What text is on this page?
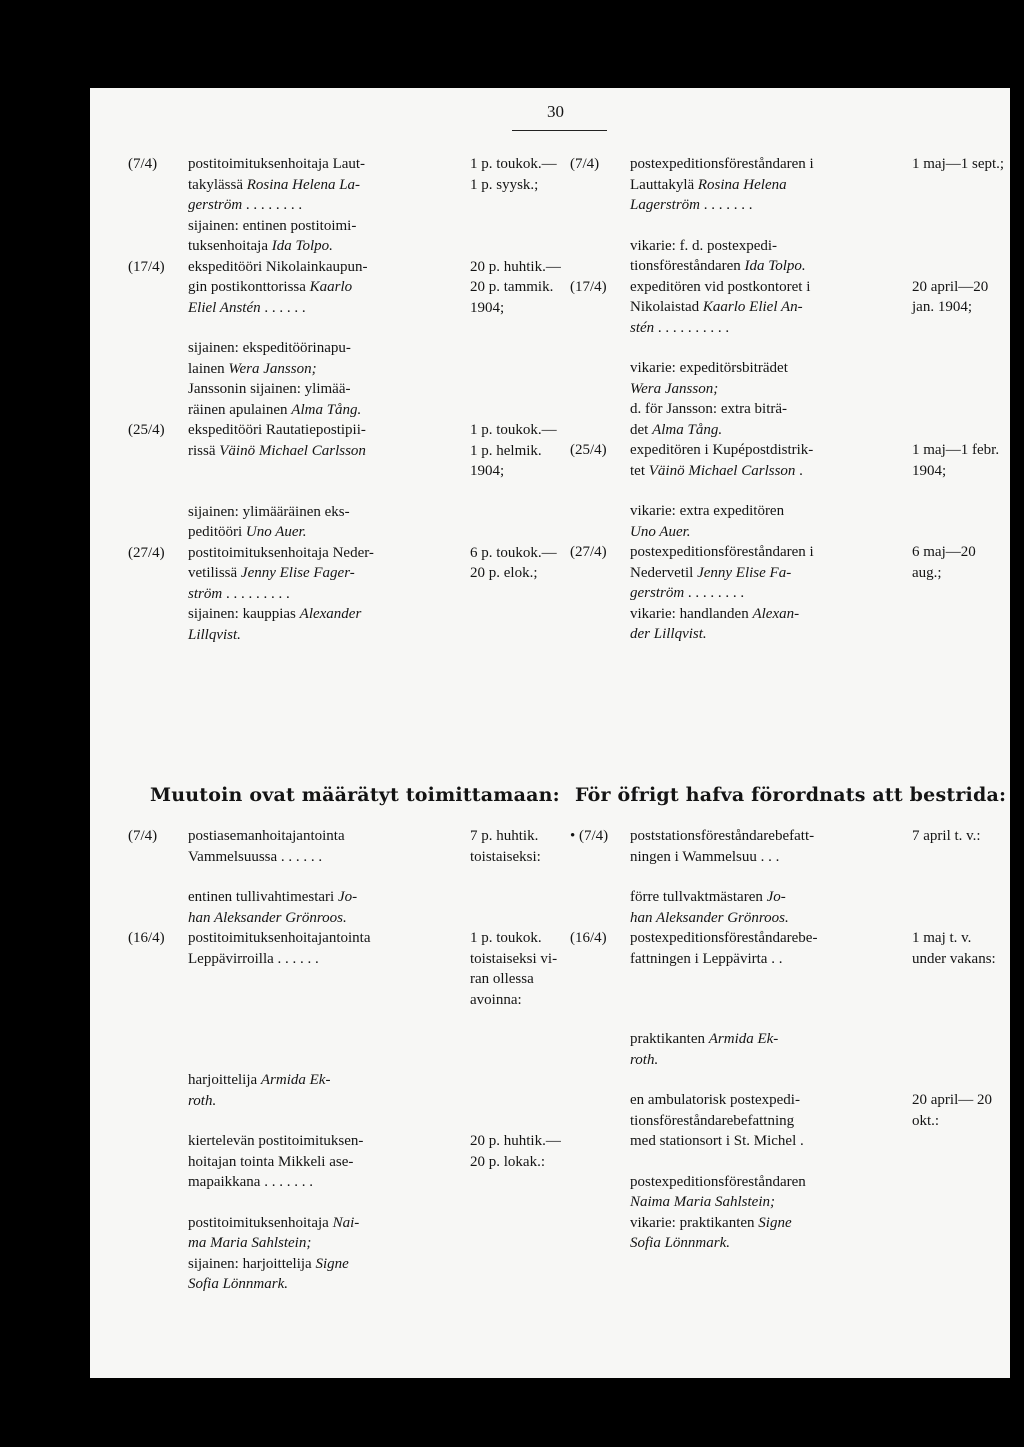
30
(7/4) postitoimituksenhoitaja Laut-
takylässä Rosina Helena La-
gerström . . . . . . . .
1 p. toukok.—
1 p. syysk.;
sijainen: entinen postitoimi-
tuksenhoitaja Ida Tolpo.
(17/4) ekspeditööri Nikolainkaupun-
gin postikonttorissa Kaarlo
Eliel Anstén . . . . . .
20 p. huhtik.—
20 p. tammik.
1904;
sijainen: ekspeditöörinapu-
lainen Wera Jansson;
Janssonin sijainen: ylimää-
räinen apulainen Alma Tång.
(25/4) ekspeditööri Rautatiepostipii-
rissä Väinö Michael Carlsson

1 p. toukok.—
1 p. helmik.
1904;
sijainen: ylimääräinen eks-
peditööri Uno Auer.
(27/4) postitoimituksenhoitaja Neder-
vetilissä Jenny Elise Fager-
ström . . . . . . . . .
6 p. toukok.—
20 p. elok.;
sijainen: kauppias Alexander
Lillqvist.
(7/4) postexpeditionsföreståndaren i
Lauttakylä Rosina Helena
Lagerström . . . . . . .
1 maj—1 sept.;
vikarie: f. d. postexpedi-
tionsföreståndaren Ida Tolpo.
(17/4) expeditören vid postkontoret i
Nikolaistad Kaarlo Eliel An-
stén . . . . . . . . . .
20 april—20
jan. 1904;
vikarie: expeditörsbiträdet
Wera Jansson;
d. för Jansson: extra biträ-
det Alma Tång.
(25/4) expeditören i Kupépostdistrik-
tet Väinö Michael Carlsson .
1 maj—1 febr.
1904;
vikarie: extra expeditören
Uno Auer.
(27/4) postexpeditionsföreståndaren i
Nedervetil Jenny Elise Fa-
gerström . . . . . . . .
6 maj—20
aug.;
vikarie: handlanden Alexan-
der Lillqvist.
Muutoin ovat määrätyt toimittamaan: För öfrigt hafva förordnats att bestrida:
(7/4) postiasemanhoitajantointa
Vammelsuussa . . . . . .
7 p. huhtik.
toistaiseksi:
entinen tullivahtimestari Jo-
han Aleksander Grönroos.
(16/4) postitoimituksenhoitajantointa
Leppävirroilla . . . . . .

1 p. toukok.
toistaiseksi vi-
ran ollessa
avoinna:
harjoittelija Armida Ek-
roth.
kiertelevän postitoimituksen-
hoitajan tointa Mikkeli ase-
mapaikkana . . . . . . .
20 p. huhtik.—
20 p. lokak.:
postitoimituksenhoitaja Nai-
ma Maria Sahlstein;
sijainen: harjoittelija Signe
Sofia Lönnmark.
• (7/4) poststationsföreståndarebefatt-
ningen i Wammelsuu . . .
7 april t. v.:
förre tullvaktmästaren Jo-
han Aleksander Grönroos.
(16/4) postexpeditionsföreståndarebe-
fattningen i Leppävirta . .
1 maj t. v.
under vakans:
praktikanten Armida Ek-
roth.
en ambulatorisk postexpedi-
tionsföreståndarebefattning
med stationsort i St. Michel .
20 april— 20
okt.:
postexpeditionsföreståndaren
Naima Maria Sahlstein;
vikarie: praktikanten Signe
Sofia Lönnmark.
